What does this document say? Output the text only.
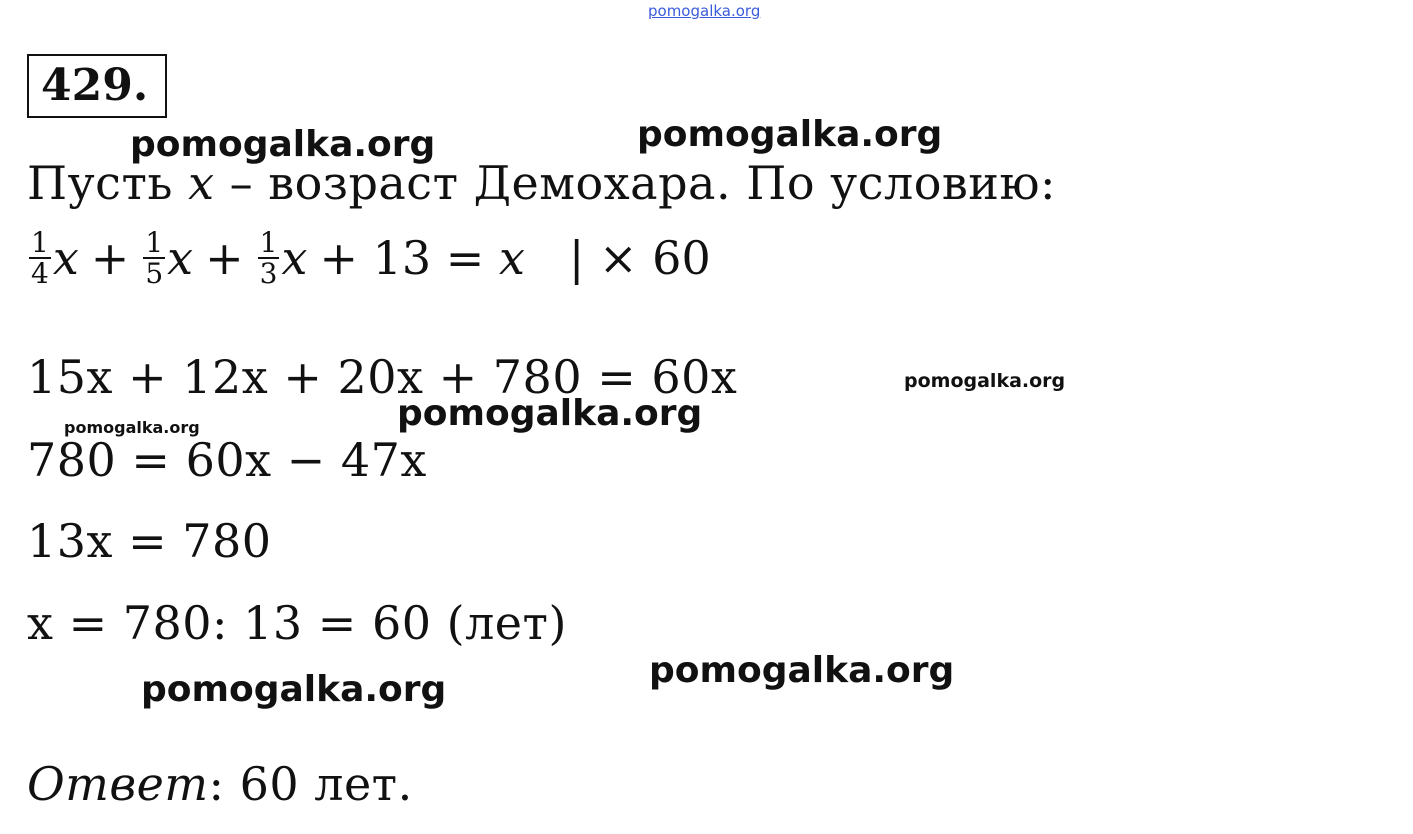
pomogalka.org
pomogalka.org	pomogalka.org
pomogalka.org
pomogalka.org	pomogalka.org
pomogalka.org
pomogalka.org
429.
Пусть x – возраст Демохара. По условию:
$\frac{1}{4}$ $x + \frac{1}{5}$ $x + \frac{1}{3}$ x + 13 = x | × 60
15x + 12x + 20x + 780 = 60x
780 = 60x − 47x
13x = 780
x = 780: 13 = 60 (лет)
Ответ: 60 лет.
